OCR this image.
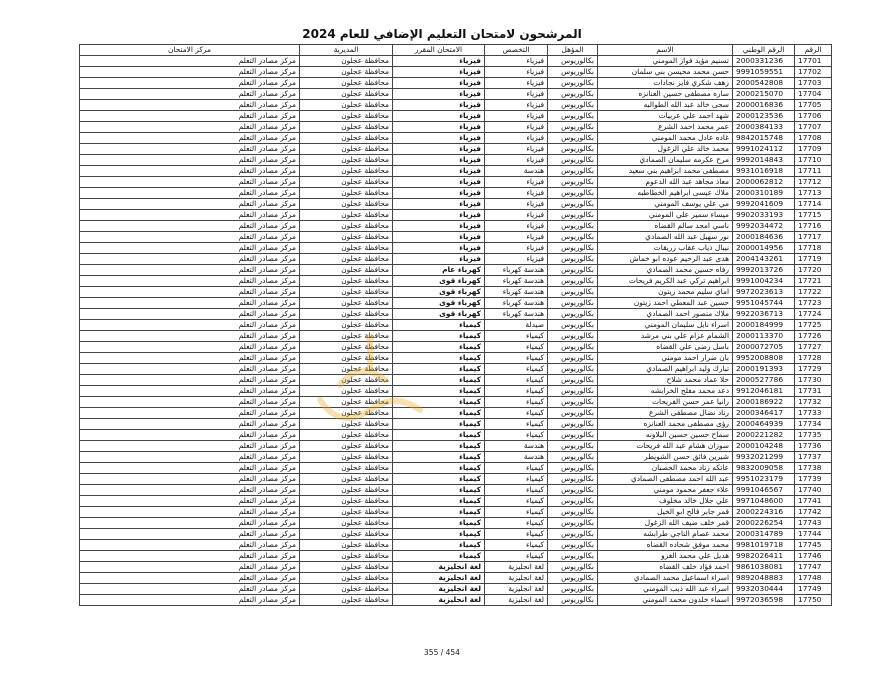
المرشحون لامتحان التعليم الإضافي للعام 2024
الرقم	الرقم الوطني	الاسم	المؤهل	التخصص	الامتحان المقرر	المديرية	مركز الامتحان
17701	2000331236	تسنيم مؤيد فواز المومني	بكالوريوس	فيزياء	فيزياء	محافظة عجلون	مركز مصادر التعلم
17702	9991059551	حسن محمد محيسن بني سلمان	بكالوريوس	فيزياء	فيزياء	محافظة عجلون	مركز مصادر التعلم
17703	2000542808	زهف شكري فايز نجادات	بكالوريوس	فيزياء	فيزياء	محافظة عجلون	مركز مصادر التعلم
17704	2000215070	ساره مصطفى حسين العنانزه	بكالوريوس	فيزياء	فيزياء	محافظة عجلون	مركز مصادر التعلم
17705	2000016836	سجى خالد عبد الله الطوالبه	بكالوريوس	فيزياء	فيزياء	محافظة عجلون	مركز مصادر التعلم
17706	2000123536	شهد احمد علي عربيات	بكالوريوس	فيزياء	فيزياء	محافظة عجلون	مركز مصادر التعلم
17707	2000384133	عمر محمد احمد الشرع	بكالوريوس	فيزياء	فيزياء	محافظة عجلون	مركز مصادر التعلم
17708	9842015748	غاده عادل محمد المومني	بكالوريوس	فيزياء	فيزياء	محافظة عجلون	مركز مصادر التعلم
17709	9991024112	محمد خالد علي الزغول	بكالوريوس	فيزياء	فيزياء	محافظة عجلون	مركز مصادر التعلم
17710	9992014843	مرح عكرمه سليمان الصمادي	بكالوريوس	فيزياء	فيزياء	محافظة عجلون	مركز مصادر التعلم
17711	9931016918	مصطفى محمد ابراهيم بني سعيد	بكالوريوس	هندسة	فيزياء	محافظة عجلون	مركز مصادر التعلم
17712	2000062812	معاذ مجاهد عبد الله الدعوم	بكالوريوس	فيزياء	فيزياء	محافظة عجلون	مركز مصادر التعلم
17713	2000310189	ملاك عيسى ابراهيم الخطاطبه	بكالوريوس	فيزياء	فيزياء	محافظة عجلون	مركز مصادر التعلم
17714	9992041609	مي علي يوسف المومني	بكالوريوس	فيزياء	فيزياء	محافظة عجلون	مركز مصادر التعلم
17715	9902033193	ميساء سمير علي المومني	بكالوريوس	فيزياء	فيزياء	محافظة عجلون	مركز مصادر التعلم
17716	9992034472	ناسي امجد سالم القضاه	بكالوريوس	فيزياء	فيزياء	محافظة عجلون	مركز مصادر التعلم
17717	2000184636	نور سهيل عبد الله الصمادي	بكالوريوس	فيزياء	فيزياء	محافظة عجلون	مركز مصادر التعلم
17718	2000014956	نيبال ذياب عقاب زريقات	بكالوريوس	فيزياء	فيزياء	محافظة عجلون	مركز مصادر التعلم
17719	2004143261	هدى عبد الرحيم عوده ابو خماش	بكالوريوس	فيزياء	فيزياء	محافظة عجلون	مركز مصادر التعلم
17720	9992013726	رفاه حسين محمد الصمادي	بكالوريوس	هندسة كهرباء	كهرباء عام	محافظة عجلون	مركز مصادر التعلم
17721	9991004234	ابراهيم تركي عبد الكريم فريحات	بكالوريوس	هندسة كهرباء	كهرباء قوى	محافظة عجلون	مركز مصادر التعلم
17722	9972023613	اماي سليم محمد زيتون	بكالوريوس	هندسة كهرباء	كهرباء قوى	محافظة عجلون	مركز مصادر التعلم
17723	9951045744	حسين عبد المعطي احمد زيتون	بكالوريوس	هندسة كهرباء	كهرباء قوى	محافظة عجلون	مركز مصادر التعلم
17724	9922036713	ملاك منصور احمد الصمادي	بكالوريوس	هندسة كهرباء	كهرباء قوى	محافظة عجلون	مركز مصادر التعلم
17725	2000184999	اسراء نايل سليمان المومني	بكالوريوس	صيدلة	كيمياء	محافظة عجلون	مركز مصادر التعلم
17726	2000113370	الشمام عزام علي بني مرشد	بكالوريوس	كيمياء	كيمياء	محافظة عجلون	مركز مصادر التعلم
17727	2000072705	باسل رضى علي القضاه	بكالوريوس	كيمياء	كيمياء	محافظة عجلون	مركز مصادر التعلم
17728	9952008808	بان ضرار احمد مومني	بكالوريوس	كيمياء	كيمياء	محافظة عجلون	مركز مصادر التعلم
17729	2000191393	تبارك وليد ابراهيم الصمادي	بكالوريوس	كيمياء	كيمياء	محافظة عجلون	مركز مصادر التعلم
17730	2000527786	حلا عماد محمد شلاح	بكالوريوس	كيمياء	كيمياء	محافظة عجلون	مركز مصادر التعلم
17731	9912046181	دعد محمد مفلح الخرابشه	بكالوريوس	كيمياء	كيمياء	محافظة عجلون	مركز مصادر التعلم
17732	2000186922	رانيا عمر حسن الفريحات	بكالوريوس	كيمياء	كيمياء	محافظة عجلون	مركز مصادر التعلم
17733	2000346417	رناد نضال مصطفى الشرع	بكالوريوس	كيمياء	كيمياء	محافظة عجلون	مركز مصادر التعلم
17734	2000464939	رؤى مصطفى محمد العنانزه	بكالوريوس	كيمياء	كيمياء	محافظة عجلون	مركز مصادر التعلم
17735	2000221282	سماح حسين حسين البلاونه	بكالوريوس	كيمياء	كيمياء	محافظة عجلون	مركز مصادر التعلم
17736	2000104248	سوزان هشام عبد الله فريحات	بكالوريوس	هندسة	كيمياء	محافظة عجلون	مركز مصادر التعلم
17737	9932021299	شيرين فائق حسن الشويطر	بكالوريوس	هندسة	كيمياء	محافظة عجلون	مركز مصادر التعلم
17738	9832009058	عاتكه زناد محمد الحصبان	بكالوريوس	كيمياء	كيمياء	محافظة عجلون	مركز مصادر التعلم
17739	9951023179	عبد الله احمد مصطفى الصمادي	بكالوريوس	كيمياء	كيمياء	محافظة عجلون	مركز مصادر التعلم
17740	9991046567	علاء جعفر محمود مومني	بكالوريوس	كيمياء	كيمياء	محافظة عجلون	مركز مصادر التعلم
17741	9971048600	علي جلال خالد مخلوف	بكالوريوس	كيمياء	كيمياء	محافظة عجلون	مركز مصادر التعلم
17742	2000224316	قمر جابر قالح ابو الخيل	بكالوريوس	كيمياء	كيمياء	محافظة عجلون	مركز مصادر التعلم
17743	2000226254	قمر خلف ضيف الله الزغول	بكالوريوس	كيمياء	كيمياء	محافظة عجلون	مركز مصادر التعلم
17744	2000314789	محمد عصام الناجي طرابشه	بكالوريوس	كيمياء	كيمياء	محافظة عجلون	مركز مصادر التعلم
17745	9981019718	محمد موفق شحاده القضاه	بكالوريوس	كيمياء	كيمياء	محافظة عجلون	مركز مصادر التعلم
17746	9982026411	هديل علي محمد الغزو	بكالوريوس	كيمياء	كيمياء	محافظة عجلون	مركز مصادر التعلم
17747	9861038081	احمد فؤاد خلف القضاه	بكالوريوس	لغة انجليزية	لغة انجليزية	محافظة عجلون	مركز مصادر التعلم
17748	9892048883	اسراء اسماعيل محمد الصمادي	بكالوريوس	لغة انجليزية	لغة انجليزية	محافظة عجلون	مركز مصادر التعلم
17749	9932030444	اسراء عبد الله ذيب المومني	بكالوريوس	لغة انجليزية	لغة انجليزية	محافظة عجلون	مركز مصادر التعلم
17750	9972036598	اسماء خلدون محمد المومني	بكالوريوس	لغة انجليزية	لغة انجليزية	محافظة عجلون	مركز مصادر التعلم
355 / 454
